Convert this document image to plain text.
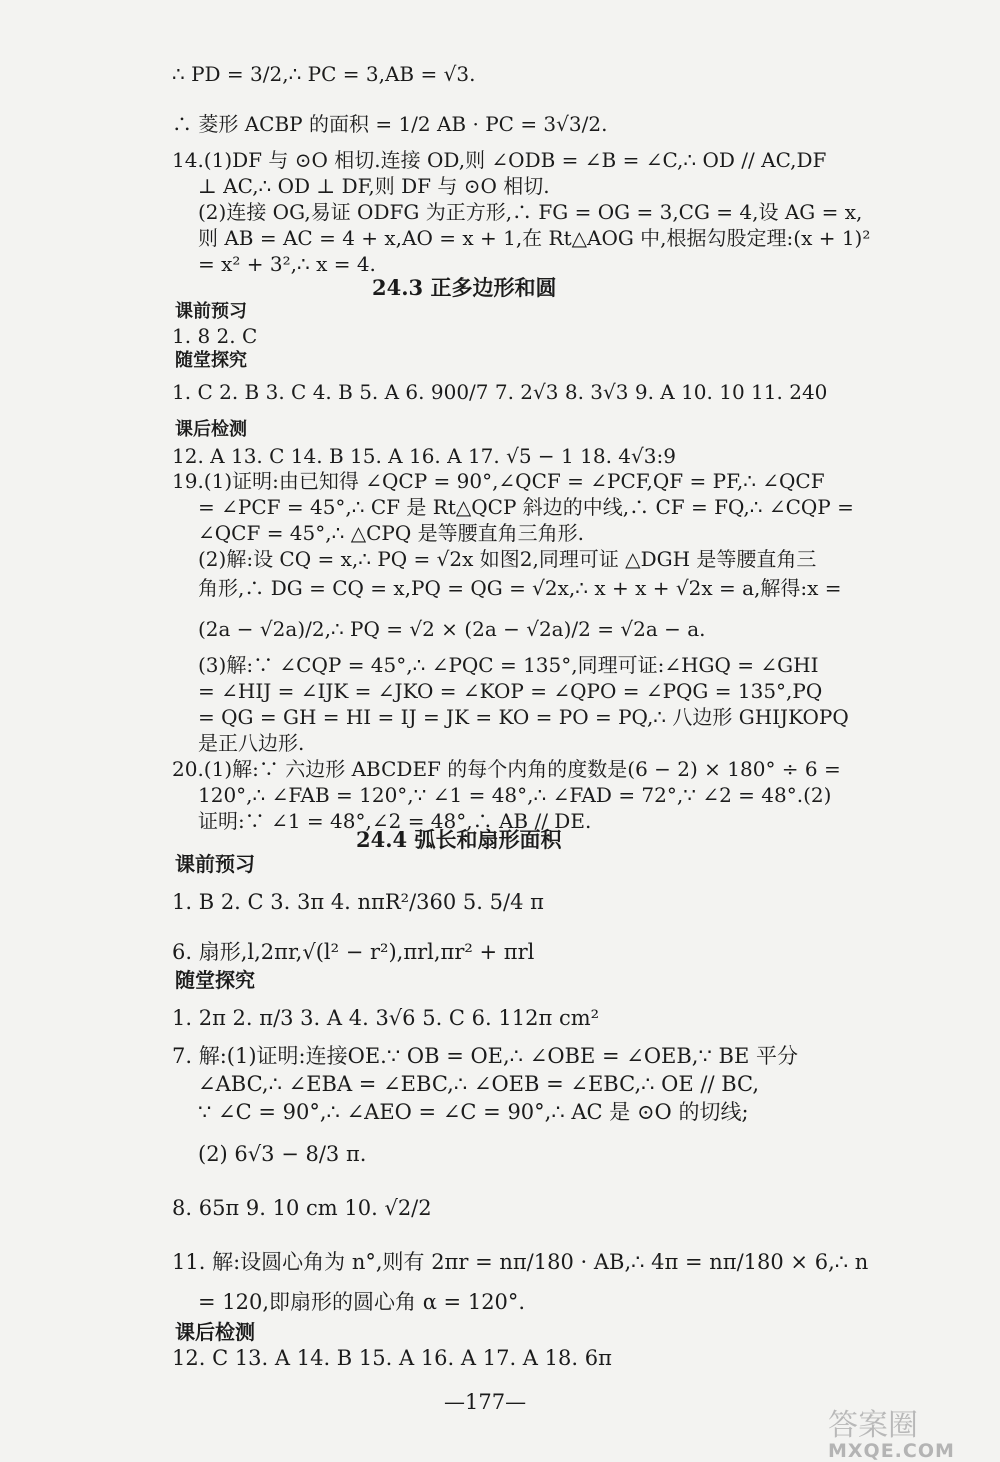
∴ PD = 3/2,∴ PC = 3,AB = √3.
∴ 菱形 ACBP 的面积 = 1/2 AB · PC = 3√3/2.
14.(1)DF 与 ⊙O 相切.连接 OD,则 ∠ODB = ∠B = ∠C,∴ OD // AC,DF
⊥ AC,∴ OD ⊥ DF,则 DF 与 ⊙O 相切.
(2)连接 OG,易证 ODFG 为正方形,∴ FG = OG = 3,CG = 4,设 AG = x,
则 AB = AC = 4 + x,AO = x + 1,在 Rt△AOG 中,根据勾股定理:(x + 1)²
= x² + 3²,∴ x = 4.
24.3 正多边形和圆
课前预习
1. 8 2. C
随堂探究
1. C 2. B 3. C 4. B 5. A 6. 900/7 7. 2√3 8. 3√3 9. A 10. 10 11. 240
课后检测
12. A 13. C 14. B 15. A 16. A 17. √5 − 1 18. 4√3:9
19.(1)证明:由已知得 ∠QCP = 90°,∠QCF = ∠PCF,QF = PF,∴ ∠QCF
= ∠PCF = 45°,∴ CF 是 Rt△QCP 斜边的中线,∴ CF = FQ,∴ ∠CQP =
∠QCF = 45°,∴ △CPQ 是等腰直角三角形.
(2)解:设 CQ = x,∴ PQ = √2x 如图2,同理可证 △DGH 是等腰直角三
角形,∴ DG = CQ = x,PQ = QG = √2x,∴ x + x + √2x = a,解得:x =
(2a − √2a)/2,∴ PQ = √2 × (2a − √2a)/2 = √2a − a.
(3)解:∵ ∠CQP = 45°,∴ ∠PQC = 135°,同理可证:∠HGQ = ∠GHI
= ∠HIJ = ∠IJK = ∠JKO = ∠KOP = ∠QPO = ∠PQG = 135°,PQ
= QG = GH = HI = IJ = JK = KO = PO = PQ,∴ 八边形 GHIJKOPQ
是正八边形.
20.(1)解:∵ 六边形 ABCDEF 的每个内角的度数是(6 − 2) × 180° ÷ 6 =
120°,∴ ∠FAB = 120°,∵ ∠1 = 48°,∴ ∠FAD = 72°,∵ ∠2 = 48°.(2)
证明:∵ ∠1 = 48°,∠2 = 48°,∴ AB // DE.
24.4 弧长和扇形面积
课前预习
1. B 2. C 3. 3π 4. nπR²/360 5. 5/4 π
6. 扇形,l,2πr,√(l² − r²),πrl,πr² + πrl
随堂探究
1. 2π 2. π/3 3. A 4. 3√6 5. C 6. 112π cm²
7. 解:(1)证明:连接OE.∵ OB = OE,∴ ∠OBE = ∠OEB,∵ BE 平分
∠ABC,∴ ∠EBA = ∠EBC,∴ ∠OEB = ∠EBC,∴ OE // BC,
∵ ∠C = 90°,∴ ∠AEO = ∠C = 90°,∴ AC 是 ⊙O 的切线;
(2) 6√3 − 8/3 π.
8. 65π 9. 10 cm 10. √2/2
11. 解:设圆心角为 n°,则有 2πr = nπ/180 · AB,∴ 4π = nπ/180 × 6,∴ n
= 120,即扇形的圆心角 α = 120°.
课后检测
12. C 13. A 14. B 15. A 16. A 17. A 18. 6π
—177—
答案圈
MXQE.COM
